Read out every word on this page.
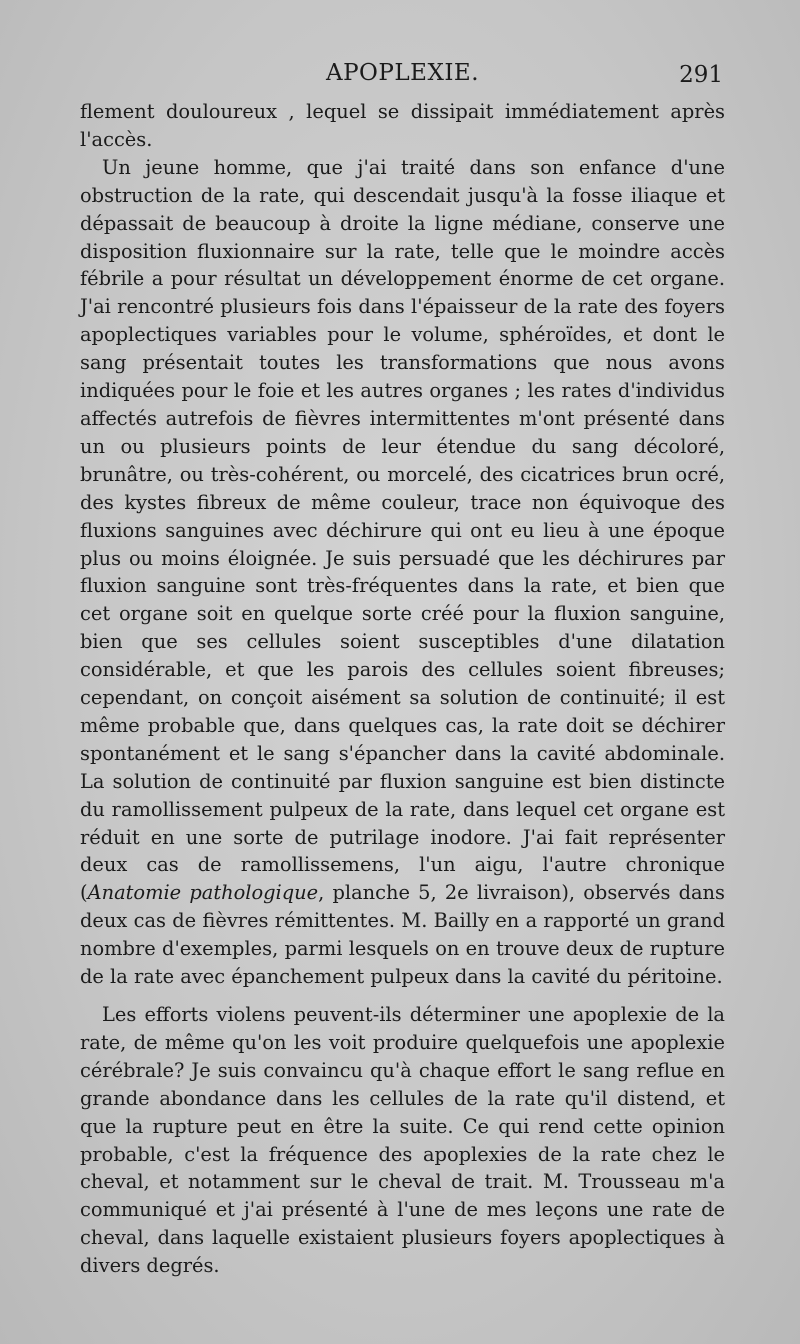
APOPLEXIE.	291

flement douloureux , lequel se dissipait immédiatement après l'accès.

Un jeune homme, que j'ai traité dans son enfance d'une obstruction de la rate, qui descendait jusqu'à la fosse iliaque et dépassait de beaucoup à droite la ligne médiane, conserve une disposition fluxionnaire sur la rate, telle que le moindre accès fébrile a pour résultat un développement énorme de cet organe. J'ai rencontré plusieurs fois dans l'épaisseur de la rate des foyers apoplectiques variables pour le volume, sphéroïdes, et dont le sang présentait toutes les transformations que nous avons indiquées pour le foie et les autres organes ; les rates d'individus affectés autrefois de fièvres intermittentes m'ont présenté dans un ou plusieurs points de leur étendue du sang décoloré, brunâtre, ou très-cohérent, ou morcelé, des cicatrices brun ocré, des kystes fibreux de même couleur, trace non équivoque des fluxions sanguines avec déchirure qui ont eu lieu à une époque plus ou moins éloignée. Je suis persuadé que les déchirures par fluxion sanguine sont très-fréquentes dans la rate, et bien que cet organe soit en quelque sorte créé pour la fluxion sanguine, bien que ses cellules soient susceptibles d'une dilatation considérable, et que les parois des cellules soient fibreuses; cependant, on conçoit aisément sa solution de continuité; il est même probable que, dans quelques cas, la rate doit se déchirer spontanément et le sang s'épancher dans la cavité abdominale. La solution de continuité par fluxion sanguine est bien distincte du ramollissement pulpeux de la rate, dans lequel cet organe est réduit en une sorte de putrilage inodore. J'ai fait représenter deux cas de ramollissemens, l'un aigu, l'autre chronique (Anatomie pathologique, planche 5, 2e livraison), observés dans deux cas de fièvres rémittentes. M. Bailly en a rapporté un grand nombre d'exemples, parmi lesquels on en trouve deux de rupture de la rate avec épanchement pulpeux dans la cavité du péritoine.

Les efforts violens peuvent-ils déterminer une apoplexie de la rate, de même qu'on les voit produire quelquefois une apoplexie cérébrale? Je suis convaincu qu'à chaque effort le sang reflue en grande abondance dans les cellules de la rate qu'il distend, et que la rupture peut en être la suite. Ce qui rend cette opinion probable, c'est la fréquence des apoplexies de la rate chez le cheval, et notamment sur le cheval de trait. M. Trousseau m'a communiqué et j'ai présenté à l'une de mes leçons une rate de cheval, dans laquelle existaient plusieurs foyers apoplectiques à divers degrés.
